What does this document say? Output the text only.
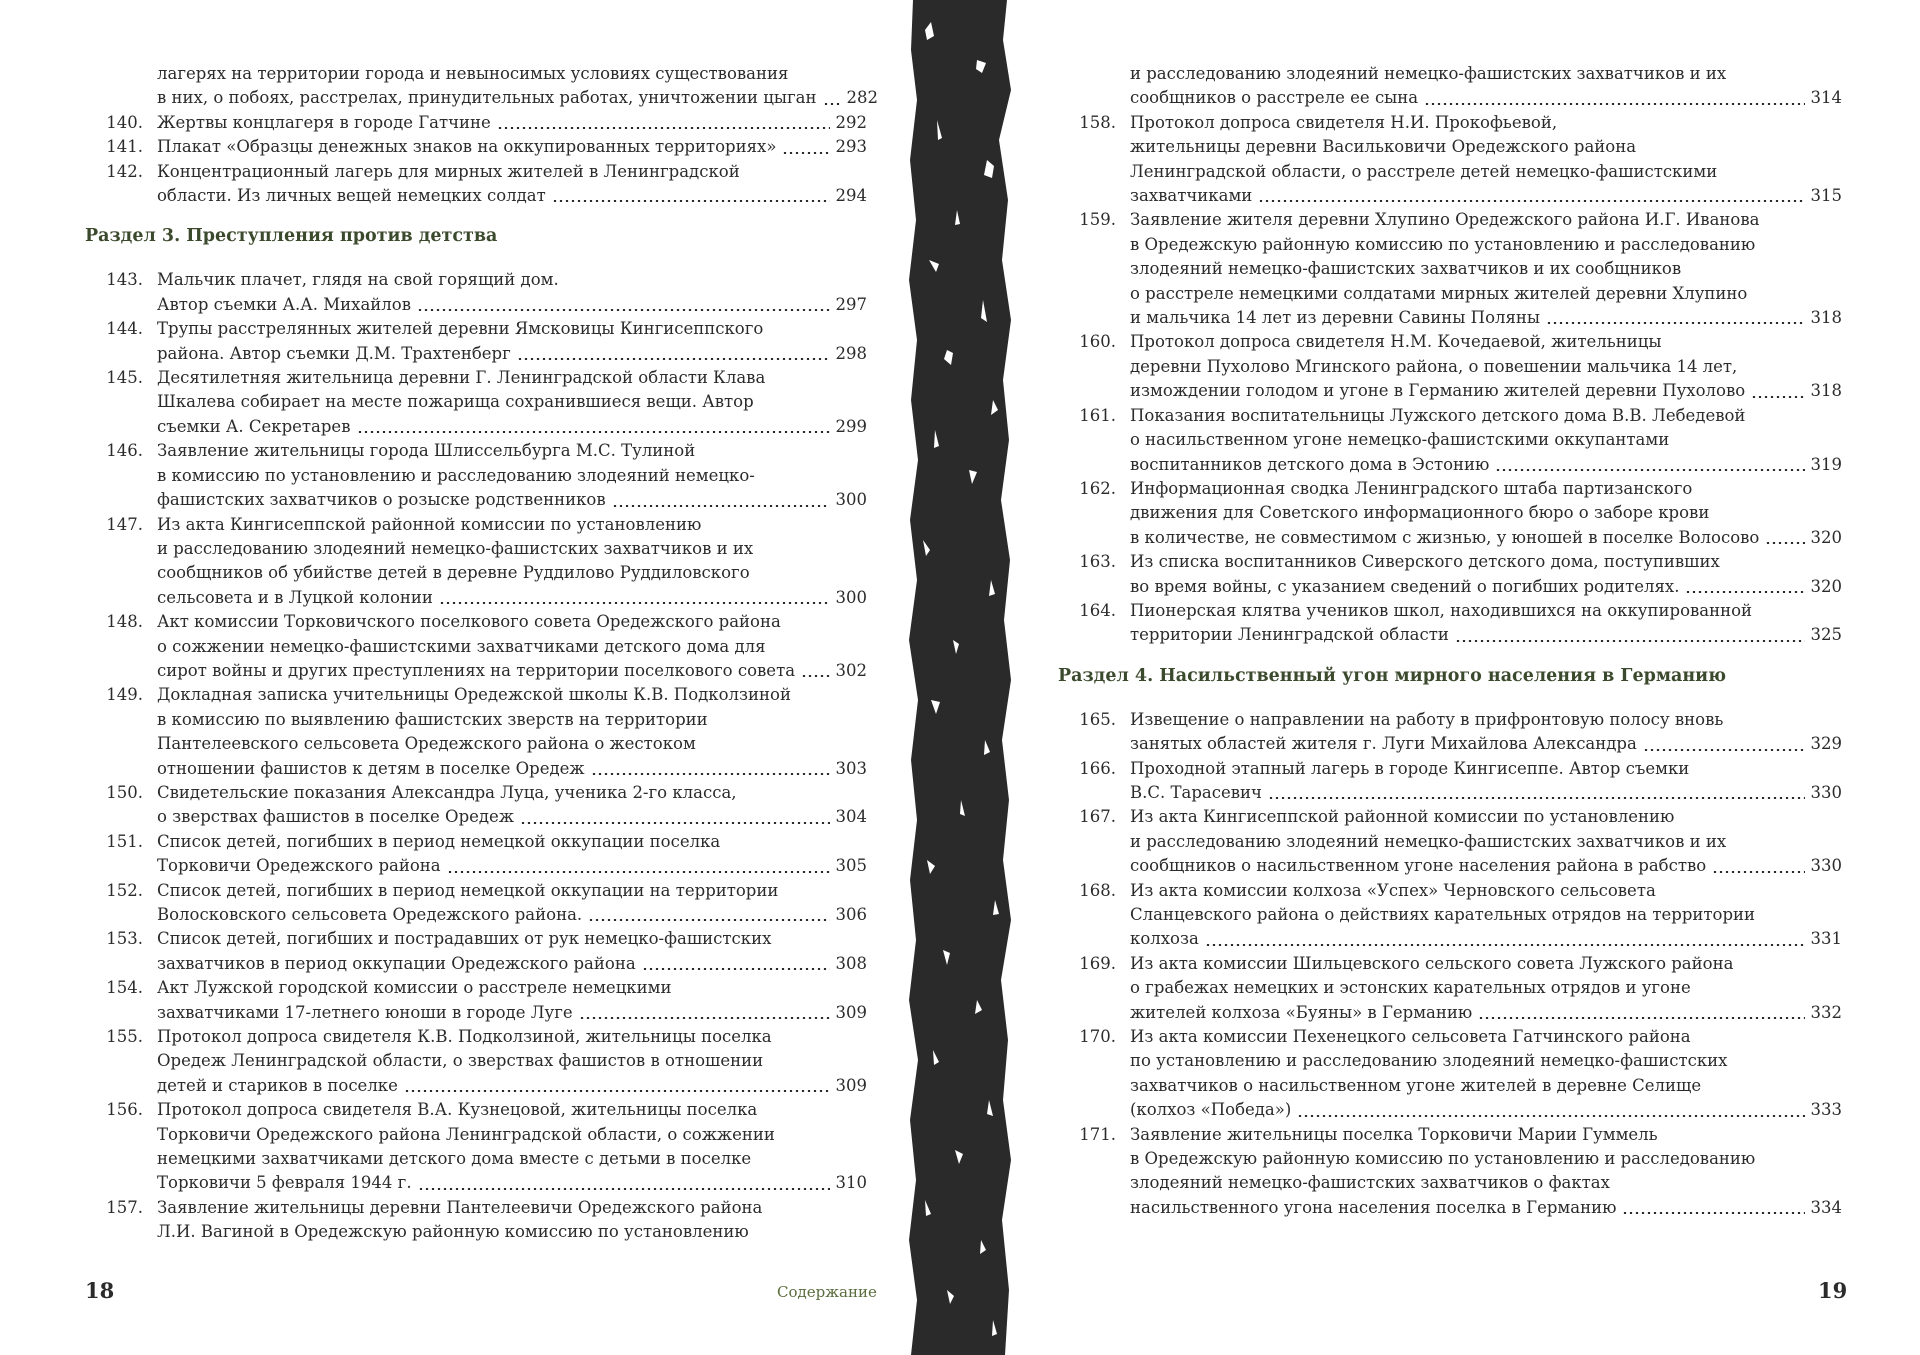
лагерях на территории города и невыносимых условиях существования
в них, о побоях, расстрелах, принудительных работах, уничтожении цыган 282
140. Жертвы концлагеря в городе Гатчине	292
141. Плакат «Образцы денежных знаков на оккупированных территориях»	293
142. Концентрационный лагерь для мирных жителей в Ленинградской
области. Из личных вещей немецких солдат	294
Раздел 3. Преступления против детства
143. Мальчик плачет, глядя на свой горящий дом.
Автор съемки А.А. Михайлов	297
144. Трупы расстрелянных жителей деревни Ямсковицы Кингисеппского
района. Автор съемки Д.М. Трахтенберг	298
145. Десятилетняя жительница деревни Г. Ленинградской области Клава
Шкалева собирает на месте пожарища сохранившиеся вещи. Автор
съемки А. Секретарев	299
146. Заявление жительницы города Шлиссельбурга М.С. Тулиной
в комиссию по установлению и расследованию злодеяний немецко-
фашистских захватчиков о розыске родственников	300
147. Из акта Кингисеппской районной комиссии по установлению
и расследованию злодеяний немецко-фашистских захватчиков и их
сообщников об убийстве детей в деревне Руддилово Руддиловского
сельсовета и в Луцкой колонии	300
148. Акт комиссии Торковичского поселкового совета Оредежского района
о сожжении немецко-фашистскими захватчиками детского дома для
сирот войны и других преступлениях на территории поселкового совета 302
149. Докладная записка учительницы Оредежской школы К.В. Подколзиной
в комиссию по выявлению фашистских зверств на территории
Пантелеевского сельсовета Оредежского района о жестоком
отношении фашистов к детям в поселке Оредеж	303
150. Свидетельские показания Александра Луца, ученика 2-го класса,
о зверствах фашистов в поселке Оредеж	304
151. Список детей, погибших в период немецкой оккупации поселка
Торковичи Оредежского района	305
152. Список детей, погибших в период немецкой оккупации на территории
Волосковского сельсовета Оредежского района.	306
153. Список детей, погибших и пострадавших от рук немецко-фашистских
захватчиков в период оккупации Оредежского района	308
154. Акт Лужской городской комиссии о расстреле немецкими
захватчиками 17-летнего юноши в городе Луге	309
155. Протокол допроса свидетеля К.В. Подколзиной, жительницы поселка
Оредеж Ленинградской области, о зверствах фашистов в отношении
детей и стариков в поселке	309
156. Протокол допроса свидетеля В.А. Кузнецовой, жительницы поселка
Торковичи Оредежского района Ленинградской области, о сожжении
немецкими захватчиками детского дома вместе с детьми в поселке
Торковичи 5 февраля 1944 г.	310
157. Заявление жительницы деревни Пантелеевичи Оредежского района
Л.И. Вагиной в Оредежскую районную комиссию по установлению
и расследованию злодеяний немецко-фашистских захватчиков и их
сообщников о расстреле ее сына	314
158. Протокол допроса свидетеля Н.И. Прокофьевой,
жительницы деревни Васильковичи Оредежского района
Ленинградской области, о расстреле детей немецко-фашистскими
захватчиками	315
159. Заявление жителя деревни Хлупино Оредежского района И.Г. Иванова
в Оредежскую районную комиссию по установлению и расследованию
злодеяний немецко-фашистских захватчиков и их сообщников
о расстреле немецкими солдатами мирных жителей деревни Хлупино
и мальчика 14 лет из деревни Савины Поляны	318
160. Протокол допроса свидетеля Н.М. Кочедаевой, жительницы
деревни Пухолово Мгинского района, о повешении мальчика 14 лет,
измождении голодом и угоне в Германию жителей деревни Пухолово	318
161. Показания воспитательницы Лужского детского дома В.В. Лебедевой
о насильственном угоне немецко-фашистскими оккупантами
воспитанников детского дома в Эстонию	319
162. Информационная сводка Ленинградского штаба партизанского
движения для Советского информационного бюро о заборе крови
в количестве, не совместимом с жизнью, у юношей в поселке Волосово	320
163. Из списка воспитанников Сиверского детского дома, поступивших
во время войны, с указанием сведений о погибших родителях.	320
164. Пионерская клятва учеников школ, находившихся на оккупированной
территории Ленинградской области	325
Раздел 4. Насильственный угон мирного населения в Германию
165. Извещение о направлении на работу в прифронтовую полосу вновь
занятых областей жителя г. Луги Михайлова Александра	329
166. Проходной этапный лагерь в городе Кингисеппе. Автор съемки
В.С. Тарасевич	330
167. Из акта Кингисеппской районной комиссии по установлению
и расследованию злодеяний немецко-фашистских захватчиков и их
сообщников о насильственном угоне населения района в рабство	330
168. Из акта комиссии колхоза «Успех» Черновского сельсовета
Сланцевского района о действиях карательных отрядов на территории
колхоза	331
169. Из акта комиссии Шильцевского сельского совета Лужского района
о грабежах немецких и эстонских карательных отрядов и угоне
жителей колхоза «Буяны» в Германию	332
170. Из акта комиссии Пехенецкого сельсовета Гатчинского района
по установлению и расследованию злодеяний немецко-фашистских
захватчиков о насильственном угоне жителей в деревне Селище
(колхоз «Победа»)	333
171. Заявление жительницы поселка Торковичи Марии Гуммель
в Оредежскую районную комиссию по установлению и расследованию
злодеяний немецко-фашистских захватчиков о фактах
насильственного угона населения поселка в Германию	334
18	Содержание	19
